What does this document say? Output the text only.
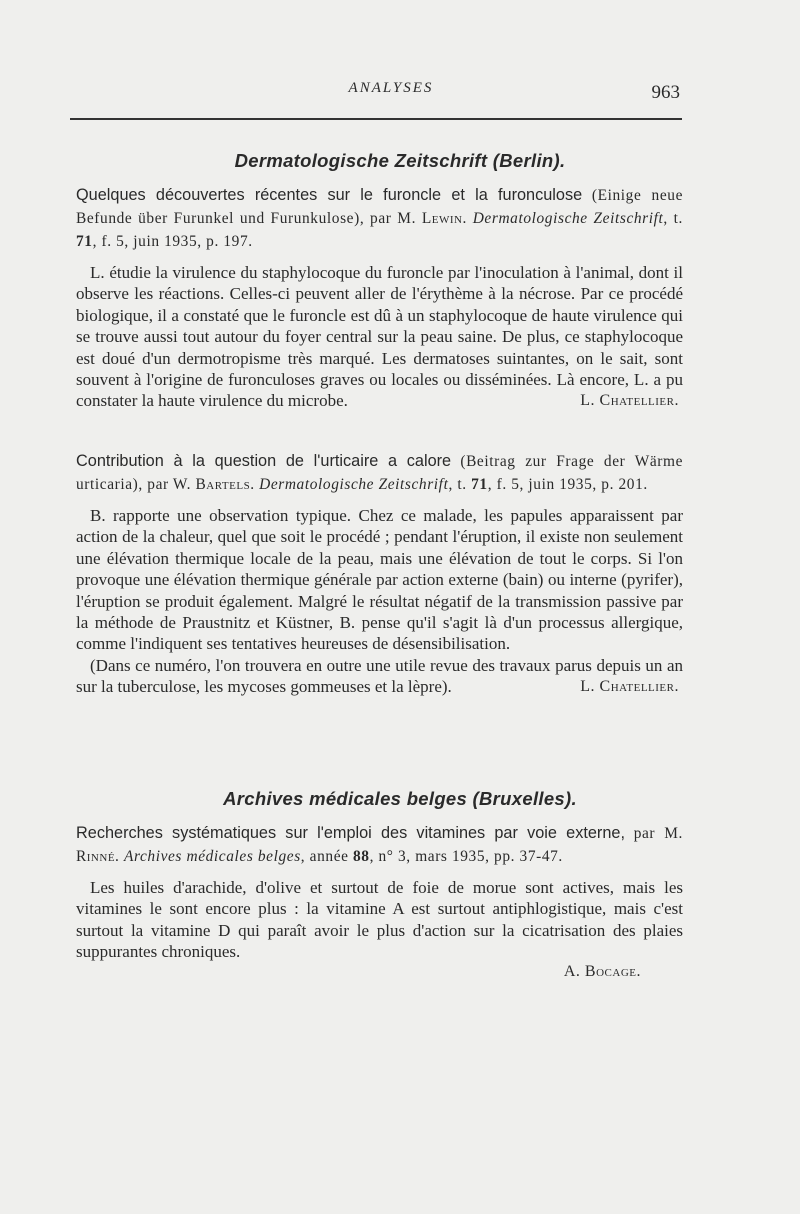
ANALYSES	963
Dermatologische Zeitschrift (Berlin).
Quelques découvertes récentes sur le furoncle et la furonculose (Einige neue Befunde über Furunkel und Furunkulose), par M. Lewin. Dermatologische Zeitschrift, t. 71, f. 5, juin 1935, p. 197.
L. étudie la virulence du staphylocoque du furoncle par l'inoculation à l'animal, dont il observe les réactions. Celles-ci peuvent aller de l'érythème à la nécrose. Par ce procédé biologique, il a constaté que le furoncle est dû à un staphylocoque de haute virulence qui se trouve aussi tout autour du foyer central sur la peau saine. De plus, ce staphylocoque est doué d'un dermotropisme très marqué. Les dermatoses suintantes, on le sait, sont souvent à l'origine de furonculoses graves ou locales ou disséminées. Là encore, L. a pu constater la haute virulence du microbe.	L. Chatellier.
Contribution à la question de l'urticaire a calore (Beitrag zur Frage der Wärme urticaria), par W. Bartels. Dermatologische Zeitschrift, t. 71, f. 5, juin 1935, p. 201.
B. rapporte une observation typique. Chez ce malade, les papules apparaissent par action de la chaleur, quel que soit le procédé ; pendant l'éruption, il existe non seulement une élévation thermique locale de la peau, mais une élévation de tout le corps. Si l'on provoque une élévation thermique générale par action externe (bain) ou interne (pyrifer), l'éruption se produit également. Malgré le résultat négatif de la transmission passive par la méthode de Praustnitz et Küstner, B. pense qu'il s'agit là d'un processus allergique, comme l'indiquent ses tentatives heureuses de désensibilisation.
(Dans ce numéro, l'on trouvera en outre une utile revue des travaux parus depuis un an sur la tuberculose, les mycoses gommeuses et la lèpre).	L. Chatellier.
Archives médicales belges (Bruxelles).
Recherches systématiques sur l'emploi des vitamines par voie externe, par M. Rinné. Archives médicales belges, année 88, n° 3, mars 1935, pp. 37-47.
Les huiles d'arachide, d'olive et surtout de foie de morue sont actives, mais les vitamines le sont encore plus : la vitamine A est surtout antiphlogistique, mais c'est surtout la vitamine D qui paraît avoir le plus d'action sur la cicatrisation des plaies suppurantes chroniques.
A. Bocage.
